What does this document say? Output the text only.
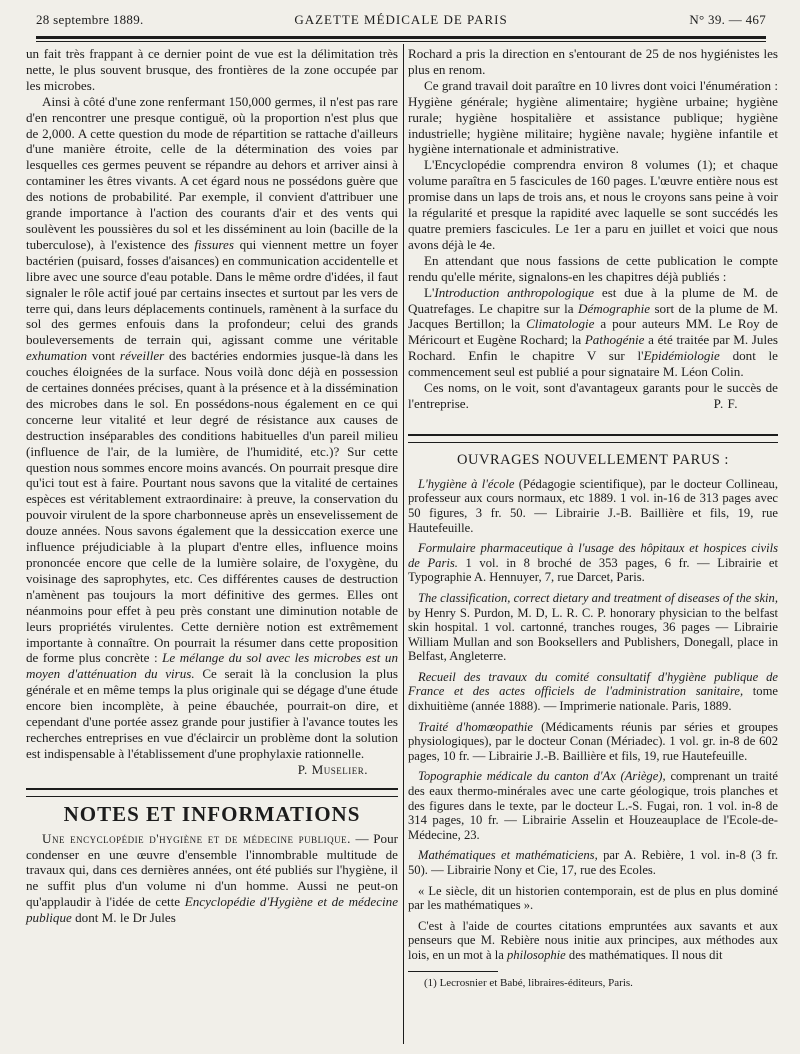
28 septembre 1889.	GAZETTE MÉDICALE DE PARIS	N° 39. — 467

un fait très frappant à ce dernier point de vue est la délimitation très nette, le plus souvent brusque, des frontières de la zone occupée par les microbes.

Ainsi à côté d'une zone renfermant 150,000 germes, il n'est pas rare d'en rencontrer une presque contiguë, où la proportion n'est plus que de 2,000. A cette question du mode de répartition se rattache d'ailleurs d'une manière étroite, celle de la détermination des voies par lesquelles ces germes peuvent se répandre au dehors et arriver ainsi à contaminer les êtres vivants. A cet égard nous ne possédons guère que des notions de probabilité. Par exemple, il convient d'attribuer une grande importance à l'action des courants d'air et des vents qui soulèvent les poussières du sol et les disséminent au loin (bacille de la tuberculose), à l'existence des fissures qui viennent mettre un foyer bactérien (puisard, fosses d'aisances) en communication accidentelle et libre avec une source d'eau potable. Dans le même ordre d'idées, il faut signaler le rôle actif joué par certains insectes et surtout par les vers de terre qui, dans leurs déplacements continuels, ramènent à la surface du sol des germes enfouis dans la profondeur; celui des grands bouleversements de terrain qui, agissant comme une véritable exhumation vont réveiller des bactéries endormies jusque-là dans les couches éloignées de la surface. Nous voilà donc déjà en possession de certaines données précises, quant à la présence et à la dissémination des microbes dans le sol. En possédons-nous également en ce qui concerne leur vitalité et leur degré de résistance aux causes de destruction inséparables des conditions habituelles d'un pareil milieu (influence de l'air, de la lumière, de l'humidité, etc.)? Sur cette question nous sommes encore moins avancés. On pourrait presque dire qu'ici tout est à faire. Pourtant nous savons que la vitalité de certaines espèces est véritablement extraordinaire: à preuve, la conservation du pouvoir virulent de la spore charbonneuse après un ensevelissement de douze années. Nous savons également que la dessiccation exerce une influence préjudiciable à la plupart d'entre elles, influence moins prononcée encore que celle de la lumière solaire, de l'oxygène, du voisinage des saprophytes, etc. Ces différentes causes de destruction n'amènent pas toujours la mort définitive des germes. Elles ont néanmoins pour effet à peu près constant une diminution notable de leurs propriétés virulentes. Cette dernière notion est extrêmement importante à connaître. On pourrait la résumer dans cette proposition de forme plus concrète : Le mélange du sol avec les microbes est un moyen d'atténuation du virus. Ce serait là la conclusion la plus générale et en même temps la plus originale qui se dégage d'une étude encore bien incomplète, à peine ébauchée, pourrait-on dire, et cependant d'une portée assez grande pour justifier à l'avance toutes les recherches entreprises en vue d'éclaircir un problème dont la solution est indispensable à l'établissement d'une prophylaxie rationnelle.

P. Muselier.

NOTES ET INFORMATIONS

Une encyclopédie d'hygiène et de médecine publique. — Pour condenser en une œuvre d'ensemble l'innombrable multitude de travaux qui, dans ces dernières années, ont été publiés sur l'hygiène, il ne suffit plus d'un volume ni d'un homme. Aussi ne peut-on qu'applaudir à l'idée de cette Encyclopédie d'Hygiène et de médecine publique dont M. le Dr Jules

Rochard a pris la direction en s'entourant de 25 de nos hygiénistes les plus en renom.

Ce grand travail doit paraître en 10 livres dont voici l'énumération : Hygiène générale; hygiène alimentaire; hygiène urbaine; hygiène rurale; hygiène hospitalière et assistance publique; hygiène industrielle; hygiène militaire; hygiène navale; hygiène infantile et hygiène internationale et administrative.

L'Encyclopédie comprendra environ 8 volumes (1); et chaque volume paraîtra en 5 fascicules de 160 pages. L'œuvre entière nous est promise dans un laps de trois ans, et nous le croyons sans peine à voir la régularité et presque la rapidité avec laquelle se sont succédés les quatre premiers fascicules. Le 1er a paru en juillet et voici que nous avons déjà le 4e.

En attendant que nous fassions de cette publication le compte rendu qu'elle mérite, signalons-en les chapitres déjà publiés :

L'Introduction anthropologique est due à la plume de M. de Quatrefages. Le chapitre sur la Démographie sort de la plume de M. Jacques Bertillon; la Climatologie a pour auteurs MM. Le Roy de Méricourt et Eugène Rochard; la Pathogénie a été traitée par M. Jules Rochard. Enfin le chapitre V sur l'Epidémiologie dont le commencement seul est publié a pour signataire M. Léon Colin.

Ces noms, on le voit, sont d'avantageux garants pour le succès de l'entreprise.	P. F.

OUVRAGES NOUVELLEMENT PARUS :

L'hygiène à l'école (Pédagogie scientifique), par le docteur Collineau, professeur aux cours normaux, etc 1889. 1 vol. in-16 de 313 pages avec 50 figures, 3 fr. 50. — Librairie J.-B. Baillière et fils, 19, rue Hautefeuille.

Formulaire pharmaceutique à l'usage des hôpitaux et hospices civils de Paris. 1 vol. in 8 broché de 353 pages, 6 fr. — Librairie et Typographie A. Hennuyer, 7, rue Darcet, Paris.

The classification, correct dietary and treatment of diseases of the skin, by Henry S. Purdon, M. D, L. R. C. P. honorary physician to the belfast skin hospital. 1 vol. cartonné, tranches rouges, 36 pages — Librairie William Mullan and son Booksellers and Publishers, Donegall, place in Belfast, Angleterre.

Recueil des travaux du comité consultatif d'hygiène publique de France et des actes officiels de l'administration sanitaire, tome dixhuitième (année 1888). — Imprimerie nationale. Paris, 1889.

Traité d'homœopathie (Médicaments réunis par séries et groupes physiologiques), par le docteur Conan (Mériadec). 1 vol. gr. in-8 de 602 pages, 10 fr. — Librairie J.-B. Baillière et fils, 19, rue Hautefeuille.

Topographie médicale du canton d'Ax (Ariège), comprenant un traité des eaux thermo-minérales avec une carte géologique, trois planches et des figures dans le texte, par le docteur L.-S. Fugai, ron. 1 vol. in-8 de 314 pages, 10 fr. — Librairie Asselin et Houzeauplace de l'Ecole-de-Médecine, 23.

Mathématiques et mathématiciens, par A. Rebière, 1 vol. in-8 (3 fr. 50). — Librairie Nony et Cie, 17, rue des Ecoles.

« Le siècle, dit un historien contemporain, est de plus en plus dominé par les mathématiques ».

C'est à l'aide de courtes citations empruntées aux savants et aux penseurs que M. Rebière nous initie aux principes, aux méthodes aux lois, en un mot à la philosophie des mathématiques. Il nous dit

(1) Lecrosnier et Babé, libraires-éditeurs, Paris.
